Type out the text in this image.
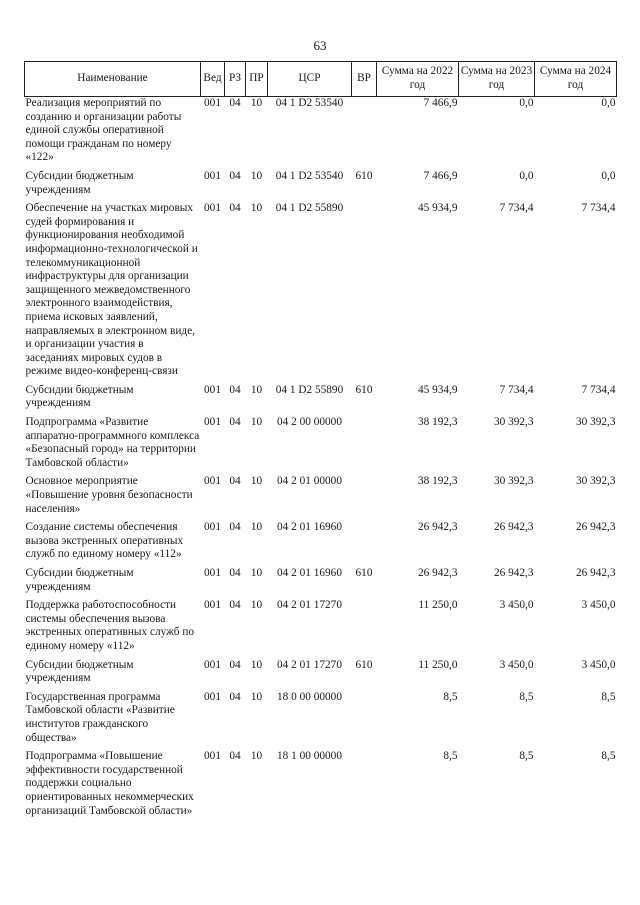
63
Наименование	Вед	РЗ	ПР	ЦСР	ВР	Сумма на 2022 год	Сумма на 2023 год	Сумма на 2024 год
Реализация мероприятий по созданию и организации работы единой службы оперативной помощи гражданам по номеру «122»	001	04	10	04 1 D2 53540		7 466,9	0,0	0,0
Субсидии бюджетным учреждениям	001	04	10	04 1 D2 53540	610	7 466,9	0,0	0,0
Обеспечение на участках мировых судей формирования и функционирования необходимой информационно-технологической и телекоммуникационной инфраструктуры для организации защищенного межведомственного электронного взаимодействия, приема исковых заявлений, направляемых в электронном виде, и организации участия в заседаниях мировых судов в режиме видео-конференц-связи	001	04	10	04 1 D2 55890		45 934,9	7 734,4	7 734,4
Субсидии бюджетным учреждениям	001	04	10	04 1 D2 55890	610	45 934,9	7 734,4	7 734,4
Подпрограмма «Развитие аппаратно-программного комплекса «Безопасный город» на территории Тамбовской области»	001	04	10	04 2 00 00000		38 192,3	30 392,3	30 392,3
Основное мероприятие «Повышение уровня безопасности населения»	001	04	10	04 2 01 00000		38 192,3	30 392,3	30 392,3
Создание системы обеспечения вызова экстренных оперативных служб по единому номеру «112»	001	04	10	04 2 01 16960		26 942,3	26 942,3	26 942,3
Субсидии бюджетным учреждениям	001	04	10	04 2 01 16960	610	26 942,3	26 942,3	26 942,3
Поддержка работоспособности системы обеспечения вызова экстренных оперативных служб по единому номеру «112»	001	04	10	04 2 01 17270		11 250,0	3 450,0	3 450,0
Субсидии бюджетным учреждениям	001	04	10	04 2 01 17270	610	11 250,0	3 450,0	3 450,0
Государственная программа Тамбовской области «Развитие институтов гражданского общества»	001	04	10	18 0 00 00000		8,5	8,5	8,5
Подпрограмма «Повышение эффективности государственной поддержки социально ориентированных некоммерческих организаций Тамбовской области»	001	04	10	18 1 00 00000		8,5	8,5	8,5
